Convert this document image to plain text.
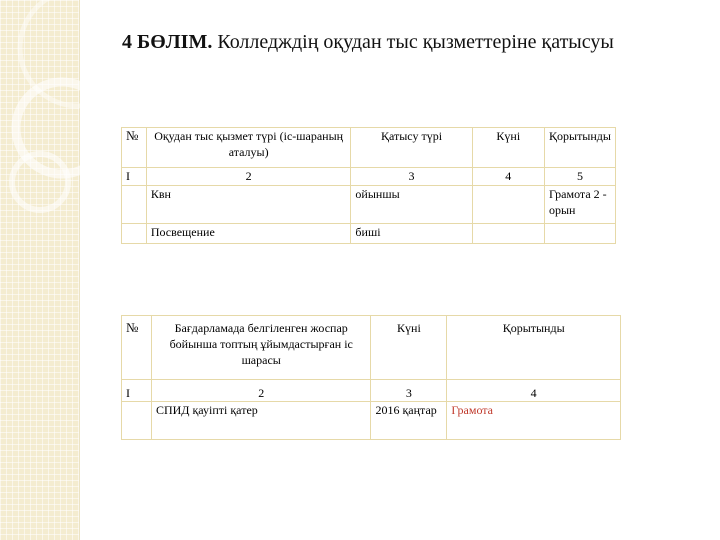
4 БӨЛІМ. Колледждің оқудан тыс қызметтеріне қатысуы
№	Оқудан тыс қызмет түрі (іс-шараның аталуы)	Қатысу түрі	Күні	Қорытынды
I	2	3	4	5
	Квн	ойыншы		Грамота 2 - орын
	Посвещение	биші		
№	Бағдарламада белгіленген жоспар бойынша топтың ұйымдастырған іс шарасы	Күні	Қорытынды
I	2	3	4
	СПИД қауіпті қатер	2016 қаңтар	Грамота
